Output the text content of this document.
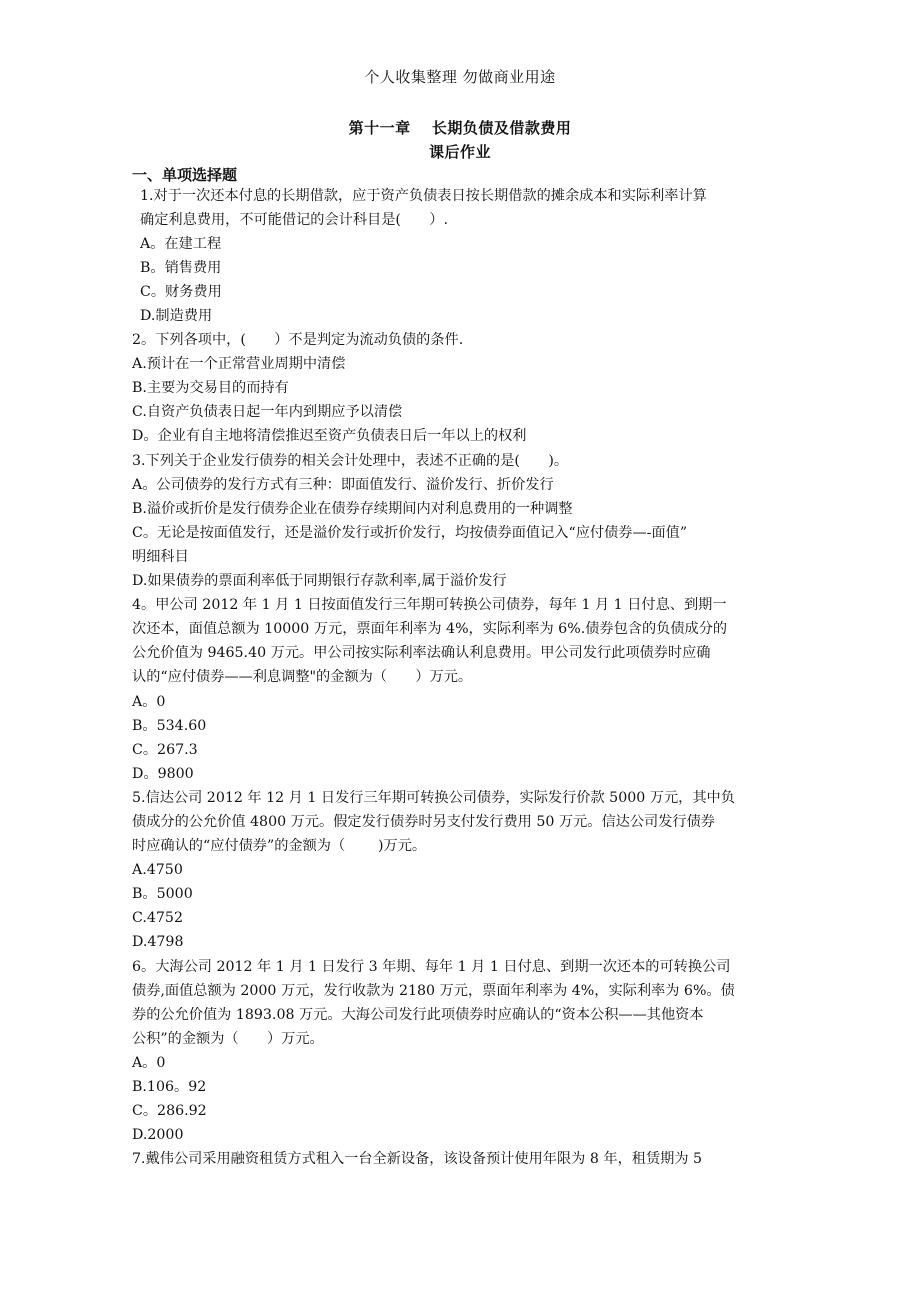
个人收集整理 勿做商业用途
第十一章　 长期负债及借款费用
课后作业
一、单项选择题
1.对于一次还本付息的长期借款，应于资产负债表日按长期借款的摊余成本和实际利率计算
确定利息费用，不可能借记的会计科目是(　　）.
A。在建工程
B。销售费用
C。财务费用
D.制造费用
2。下列各项中，(　　）不是判定为流动负债的条件.
A.预计在一个正常营业周期中清偿
B.主要为交易目的而持有
C.自资产负债表日起一年内到期应予以清偿
D。企业有自主地将清偿推迟至资产负债表日后一年以上的权利
3.下列关于企业发行债券的相关会计处理中，表述不正确的是(　　)。
A。公司债券的发行方式有三种：即面值发行、溢价发行、折价发行
B.溢价或折价是发行债券企业在债券存续期间内对利息费用的一种调整
C。无论是按面值发行，还是溢价发行或折价发行，均按债券面值记入“应付债券—-面值”
明细科目
D.如果债券的票面利率低于同期银行存款利率,属于溢价发行
4。甲公司 2012 年 1 月 1 日按面值发行三年期可转换公司债券，每年 1 月 1 日付息、到期一
次还本，面值总额为 10000 万元，票面年利率为 4%，实际利率为 6%.债券包含的负债成分的
公允价值为 9465.40 万元。甲公司按实际利率法确认利息费用。甲公司发行此项债券时应确
认的“应付债券——利息调整"的金额为（　　）万元。
A。0
B。534.60
C。267.3
D。9800
5.信达公司 2012 年 12 月 1 日发行三年期可转换公司债券，实际发行价款 5000 万元，其中负
债成分的公允价值 4800 万元。假定发行债券时另支付发行费用 50 万元。信达公司发行债券
时应确认的“应付债券”的金额为（　　 )万元。
A.4750
B。5000
C.4752
D.4798
6。大海公司 2012 年 1 月 1 日发行 3 年期、每年 1 月 1 日付息、到期一次还本的可转换公司
债券,面值总额为 2000 万元，发行收款为 2180 万元，票面年利率为 4%，实际利率为 6%。债
券的公允价值为 1893.08 万元。大海公司发行此项债券时应确认的“资本公积——其他资本
公积”的金额为（　　）万元。
A。0
B.106。92
C。286.92
D.2000
7.戴伟公司采用融资租赁方式租入一台全新设备，该设备预计使用年限为 8 年，租赁期为 5
